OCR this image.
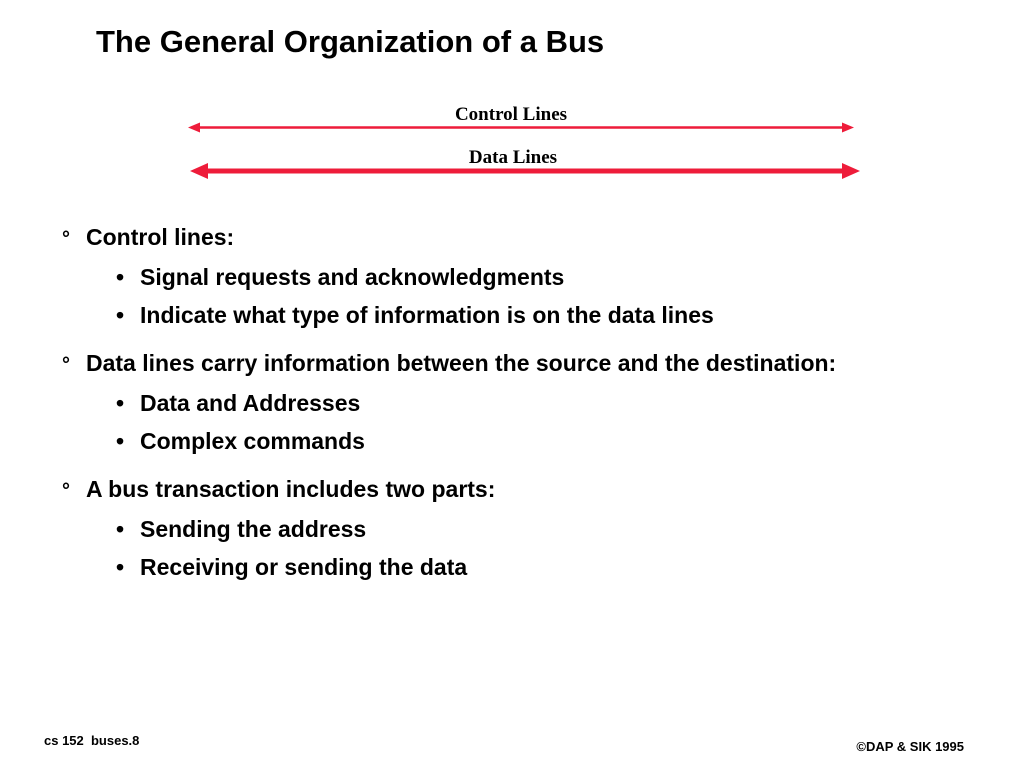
The General Organization of a Bus
Control Lines
Data Lines
° Control lines:
• Signal requests and acknowledgments
• Indicate what type of information is on the data lines
° Data lines carry information between the source and the destination:
• Data and Addresses
• Complex commands
° A bus transaction includes two parts:
• Sending the address
• Receiving or sending the data
cs 152  buses.8	©DAP & SIK 1995
